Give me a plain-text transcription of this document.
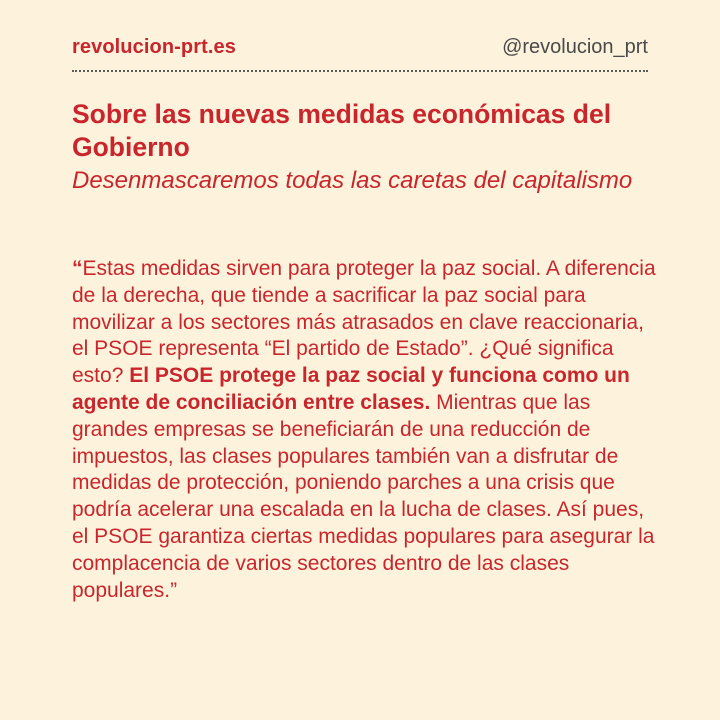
revolucion-prt.es	@revolucion_prt
Sobre las nuevas medidas económicas del Gobierno

Desenmascaremos todas las caretas del capitalismo

“Estas medidas sirven para proteger la paz social. A diferencia de la derecha, que tiende a sacrificar la paz social para movilizar a los sectores más atrasados en clave reaccionaria, el PSOE representa “El partido de Estado”. ¿Qué significa esto? El PSOE protege la paz social y funciona como un agente de conciliación entre clases. Mientras que las grandes empresas se beneficiarán de una reducción de impuestos, las clases populares también van a disfrutar de medidas de protección, poniendo parches a una crisis que podría acelerar una escalada en la lucha de clases. Así pues, el PSOE garantiza ciertas medidas populares para asegurar la complacencia de varios sectores dentro de las clases populares.”
